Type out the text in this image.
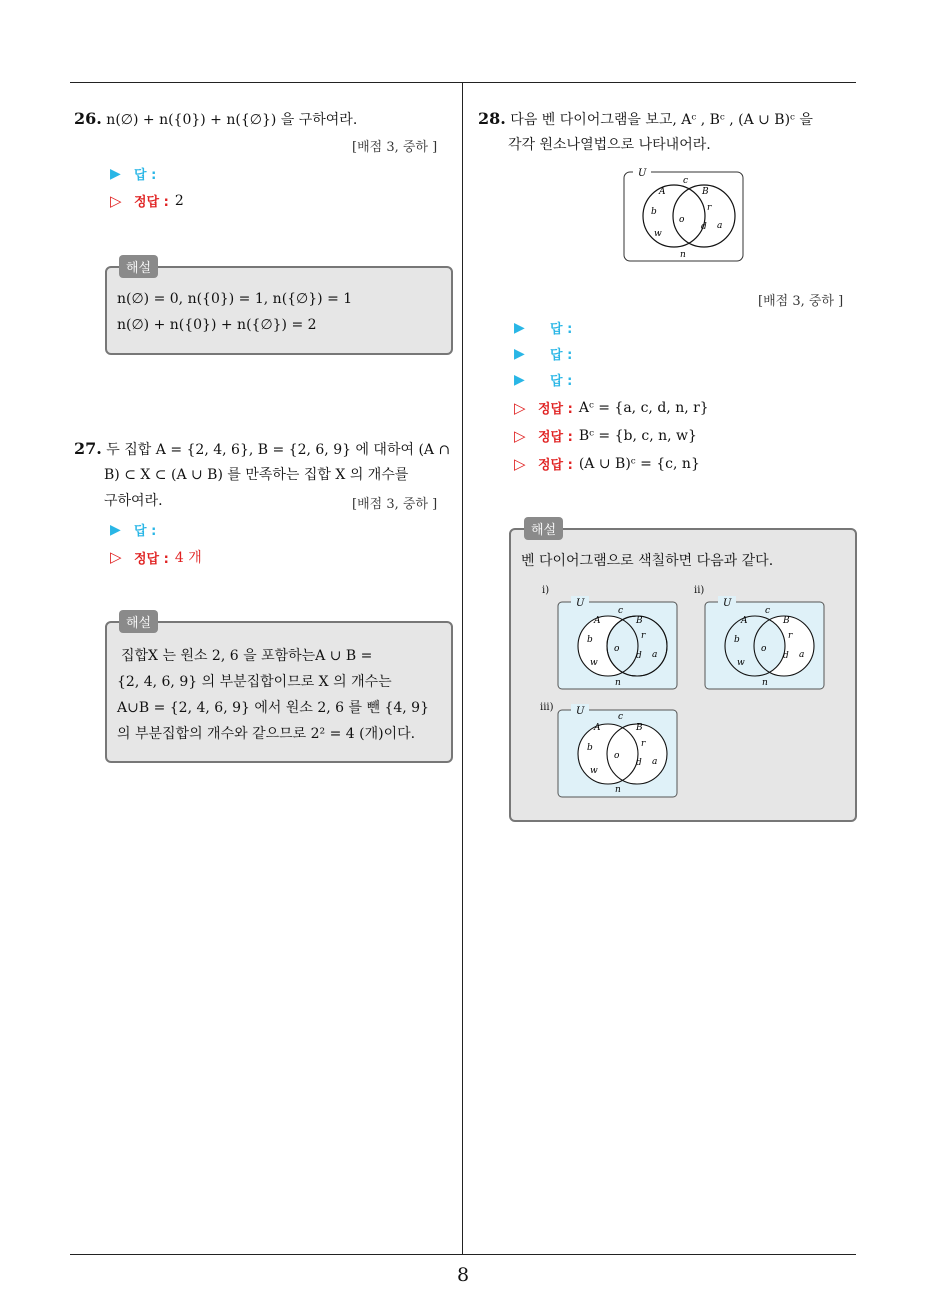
8
26. n(∅) + n({0}) + n({∅}) 을 구하여라.
[배점 3, 중하 ]
▶	답 :
▷ 정답 : 2
n(∅) = 0, n({0}) = 1, n({∅}) = 1
n(∅) + n({0}) + n({∅}) = 2
해설
27. 두 집합 A = {2, 4, 6}, B = {2, 6, 9} 에 대하여 (A ∩
B) ⊂ X ⊂ (A ∪ B) 를 만족하는 집합 X 의 개수를
구하여라.	[배점 3, 중하 ]
▶	답 :
▷ 정답 : 4 개
집합X 는 원소 2, 6 을 포함하는A ∪ B =
{2, 4, 6, 9} 의 부분집합이므로 X 의 개수는
A∪B = {2, 4, 6, 9} 에서 원소 2, 6 를 뺀 {4, 9}
의 부분집합의 개수와 같으므로 2² = 4 (개)이다.
해설
28. 다음 벤 다이어그램을 보고, Aᶜ , Bᶜ , (A ∪ B)ᶜ 을
각각 원소나열법으로 나타내어라.
U
c
A	B
b	r
o
d a
w
n
[배점 3, 중하 ]
▶	답 :
▶	답 :
▶	답 :
▷ 정답 : Aᶜ = {a, c, d, n, r}
▷ 정답 : Bᶜ = {b, c, n, w}
▷ 정답 : (A ∪ B)ᶜ = {c, n}
벤 다이어그램으로 색칠하면 다음과 같다.
해설
i)
U
c
A	B
b	r
o
d a
w
n
ii)
U
c
A	B
b	r
o
d a
w
n
iii) U	c
A	B
b	r
o
d a
w
n
